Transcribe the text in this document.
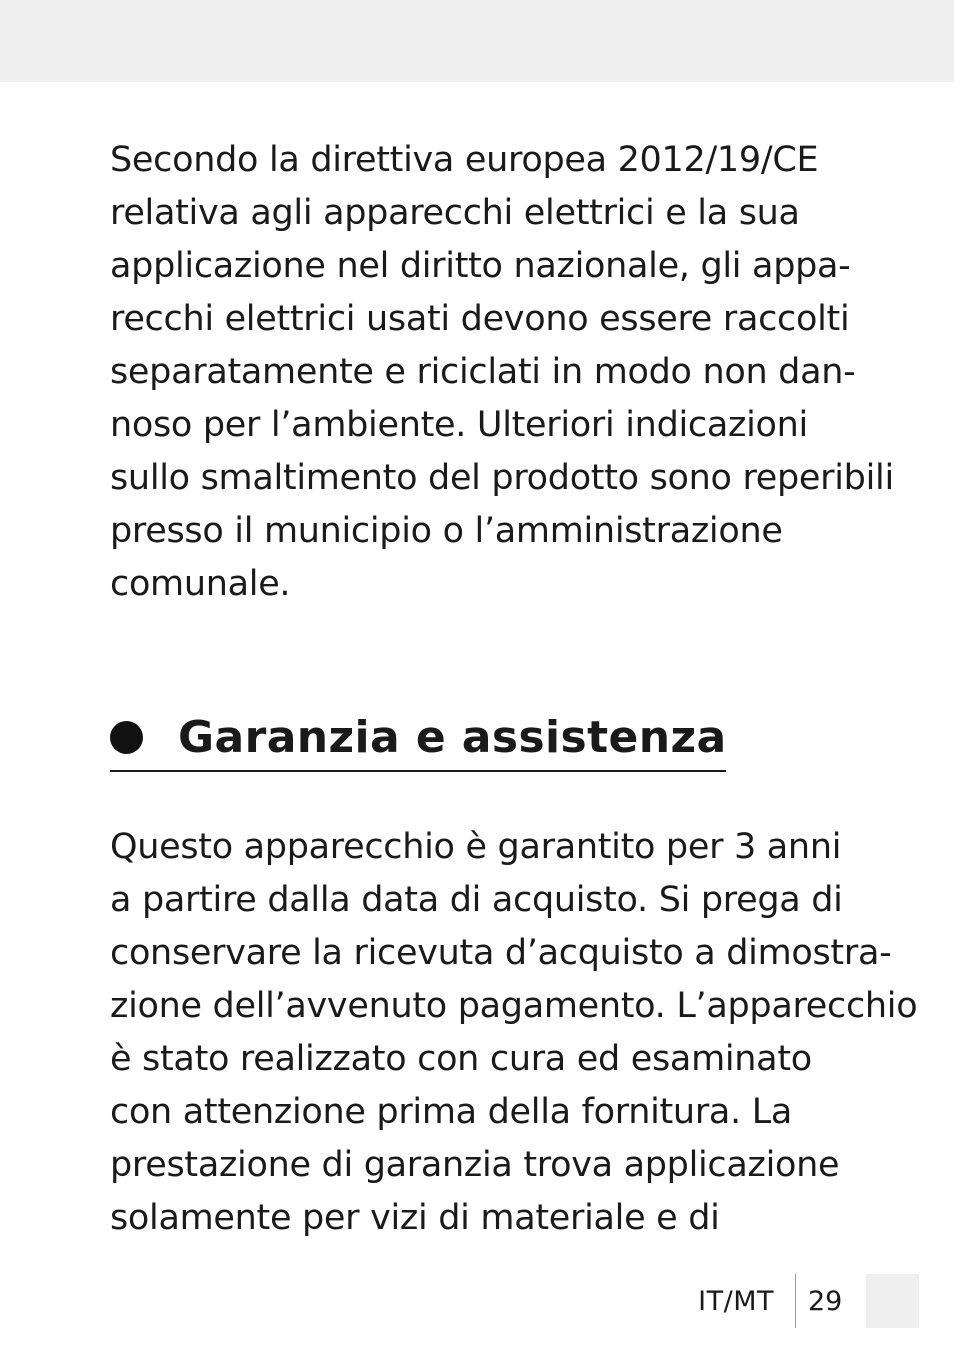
Secondo la direttiva europea 2012/19/CE
relativa agli apparecchi elettrici e la sua
applicazione nel diritto nazionale, gli appa-
recchi elettrici usati devono essere raccolti
separatamente e riciclati in modo non dan-
noso per l’ambiente. Ulteriori indicazioni
sullo smaltimento del prodotto sono reperibili
presso il municipio o l’amministrazione
comunale.
Garanzia e assistenza
Questo apparecchio è garantito per 3 anni
a partire dalla data di acquisto. Si prega di
conservare la ricevuta d’acquisto a dimostra-
zione dell’avvenuto pagamento. L’apparecchio
è stato realizzato con cura ed esaminato
con attenzione prima della fornitura. La
prestazione di garanzia trova applicazione
solamente per vizi di materiale e di
IT/MT 29
